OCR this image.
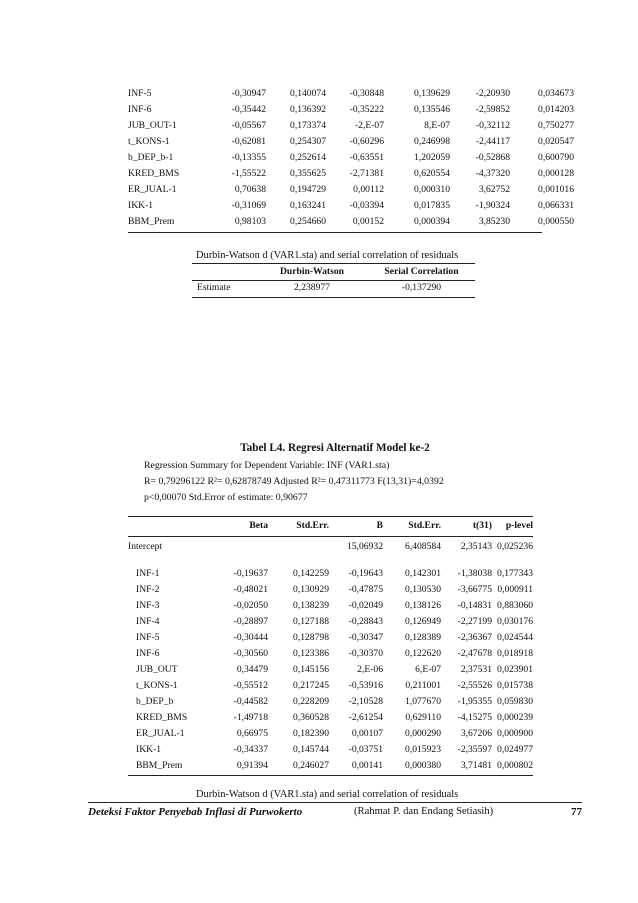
INF-5	-0,30947	0,140074	-0,30848	0,139629	-2,20930	0,034673
INF-6	-0,35442	0,136392	-0,35222	0,135546	-2,59852	0,014203
JUB_OUT-1	-0,05567	0,173374	-2,E-07	8,E-07	-0,32112	0,750277
t_KONS-1	-0,62081	0,254307	-0,60296	0,246998	-2,44117	0,020547
b_DEP_b-1	-0,13355	0,252614	-0,63551	1,202059	-0,52868	0,600790
KRED_BMS	-1,55522	0,355625	-2,71381	0,620554	-4,37320	0,000128
ER_JUAL-1	0,70638	0,194729	0,00112	0,000310	3,62752	0,001016
IKK-1	-0,31069	0,163241	-0,03394	0,017835	-1,90324	0,066331
BBM_Prem	0,98103	0,254660	0,00152	0,000394	3,85230	0,000550
Durbin-Watson d (VAR1.sta) and serial correlation of residuals
	Durbin-Watson	Serial Correlation
Estimate	2,238977	-0,137290
Tabel L4. Regresi Alternatif Model ke-2
Regression Summary for Dependent Variable: INF (VAR1.sta)
R= 0,79296122 R²= 0,62878749 Adjusted R²= 0,47311773 F(13,31)=4,0392
p<0,00070 Std.Error of estimate: 0,90677
	Beta	Std.Err.	B	Std.Err.	t(31)	p-level
Intercept			15,06932	6,408584	2,35143	0,025236
INF-1	-0,19637	0,142259	-0,19643	0,142301	-1,38038	0,177343
INF-2	-0,48021	0,130929	-0,47875	0,130530	-3,66775	0,000911
INF-3	-0,02050	0,138239	-0,02049	0,138126	-0,14831	0,883060
INF-4	-0,28897	0,127188	-0,28843	0,126949	-2,27199	0,030176
INF-5	-0,30444	0,128798	-0,30347	0,128389	-2,36367	0,024544
INF-6	-0,30560	0,123386	-0,30370	0,122620	-2,47678	0,018918
JUB_OUT	0,34479	0,145156	2,E-06	6,E-07	2,37531	0,023901
t_KONS-1	-0,55512	0,217245	-0,53916	0,211001	-2,55526	0,015738
b_DEP_b	-0,44582	0,228209	-2,10528	1,077670	-1,95355	0,059830
KRED_BMS	-1,49718	0,360528	-2,61254	0,629110	-4,15275	0,000239
ER_JUAL-1	0,66975	0,182390	0,00107	0,000290	3,67206	0,000900
IKK-1	-0,34337	0,145744	-0,03751	0,015923	-2,35597	0,024977
BBM_Prem	0,91394	0,246027	0,00141	0,000380	3,71481	0,000802
Durbin-Watson d (VAR1.sta) and serial correlation of residuals
Deteksi Faktor Penyebab Inflasi di Purwokerto	(Rahmat P. dan Endang Setiasih)	77
